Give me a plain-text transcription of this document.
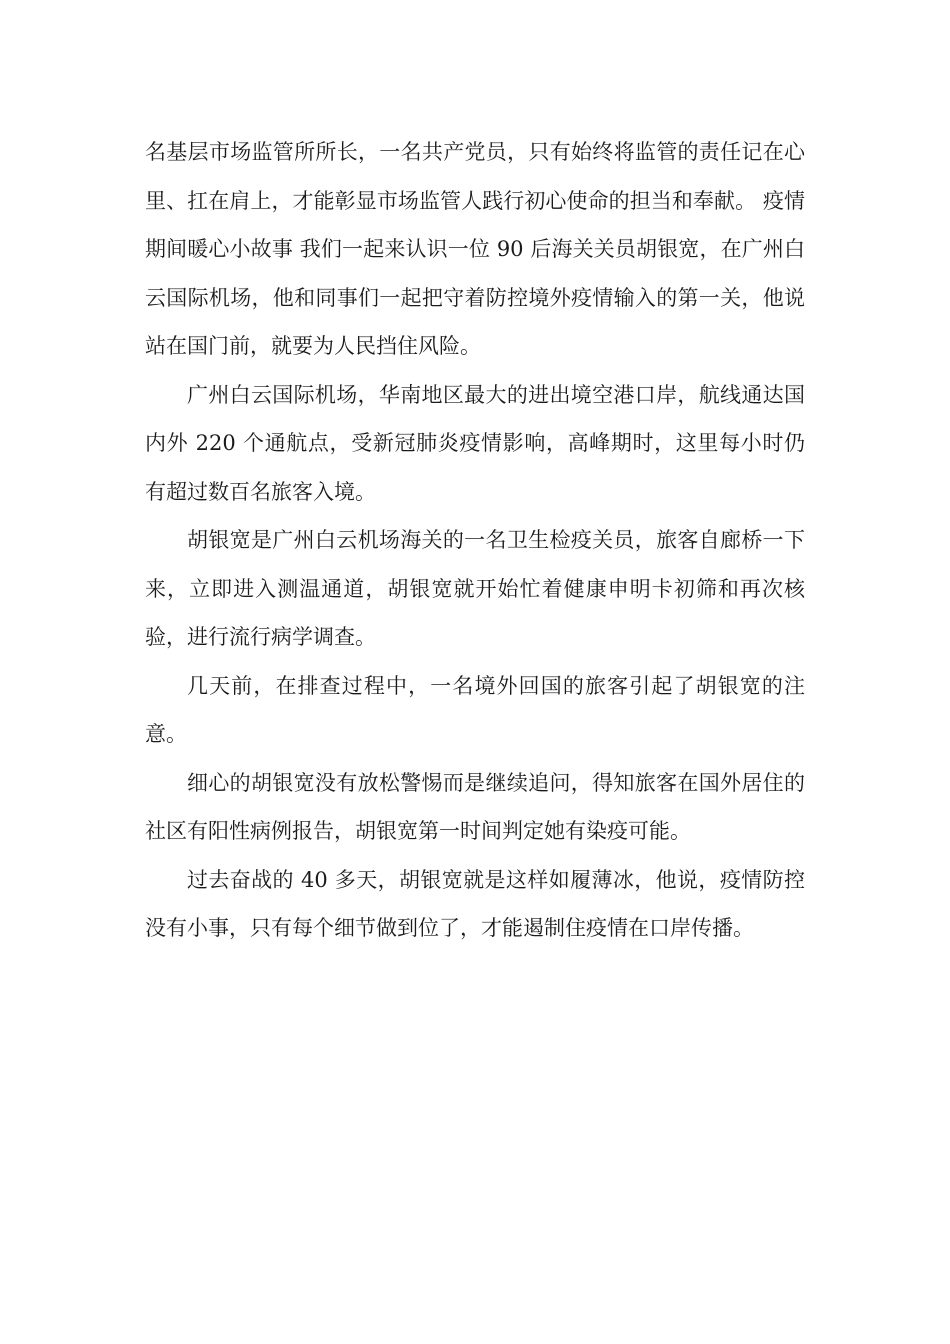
名基层市场监管所所长，一名共产党员，只有始终将监管的责任记在心里、扛在肩上，才能彰显市场监管人践行初心使命的担当和奉献。 疫情期间暖心小故事 我们一起来认识一位 90 后海关关员胡银宽，在广州白云国际机场，他和同事们一起把守着防控境外疫情输入的第一关，他说站在国门前，就要为人民挡住风险。

广州白云国际机场，华南地区最大的进出境空港口岸，航线通达国内外 220 个通航点，受新冠肺炎疫情影响，高峰期时，这里每小时仍有超过数百名旅客入境。

胡银宽是广州白云机场海关的一名卫生检疫关员，旅客自廊桥一下来，立即进入测温通道，胡银宽就开始忙着健康申明卡初筛和再次核验，进行流行病学调查。

几天前，在排查过程中，一名境外回国的旅客引起了胡银宽的注意。

细心的胡银宽没有放松警惕而是继续追问，得知旅客在国外居住的社区有阳性病例报告，胡银宽第一时间判定她有染疫可能。

过去奋战的 40 多天，胡银宽就是这样如履薄冰，他说，疫情防控没有小事，只有每个细节做到位了，才能遏制住疫情在口岸传播。
